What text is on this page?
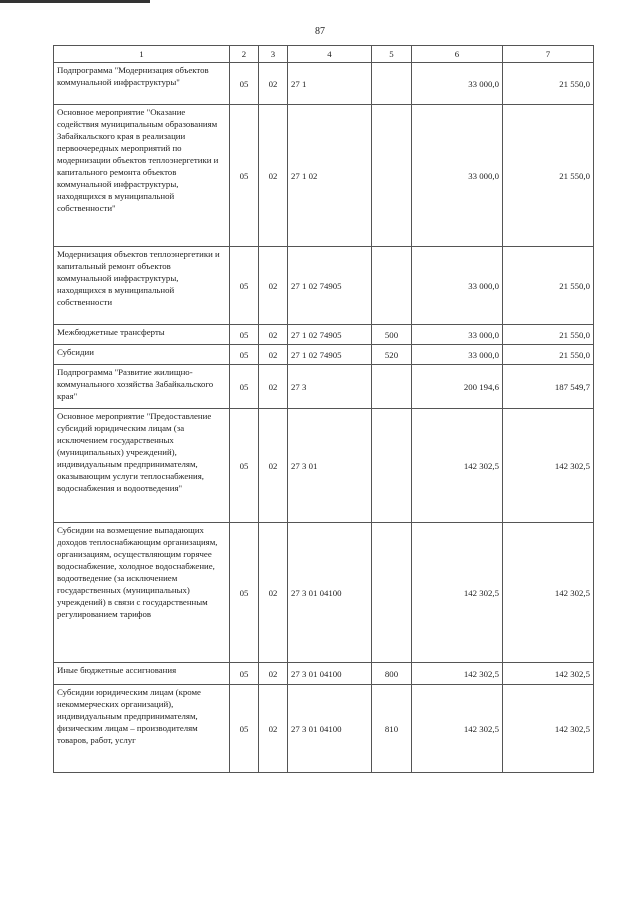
87
1	2	3	4	5	6	7
Подпрограмма "Модернизация объектов коммунальной инфраструктуры"	05	02	27 1		33 000,0	21 550,0
Основное мероприятие "Оказание содействия муниципальным образованиям Забайкальского края в реализации первоочередных мероприятий по модернизации объектов теплоэнергетики и капитального ремонта объектов коммунальной инфраструктуры, находящихся в муниципальной собственности"	05	02	27 1 02		33 000,0	21 550,0
Модернизация объектов теплоэнергетики и капитальный ремонт объектов коммунальной инфраструктуры, находящихся в муниципальной собственности	05	02	27 1 02 74905		33 000,0	21 550,0
Межбюджетные трансферты	05	02	27 1 02 74905	500	33 000,0	21 550,0
Субсидии	05	02	27 1 02 74905	520	33 000,0	21 550,0
Подпрограмма "Развитие жилищно-коммунального хозяйства Забайкальского края"	05	02	27 3		200 194,6	187 549,7
Основное мероприятие "Предоставление субсидий юридическим лицам (за исключением государственных (муниципальных) учреждений), индивидуальным предпринимателям, оказывающим услуги теплоснабжения, водоснабжения и водоотведения"	05	02	27 3 01		142 302,5	142 302,5
Субсидии на возмещение выпадающих доходов теплоснабжающим организациям, организациям, осуществляющим горячее водоснабжение, холодное водоснабжение, водоотведение (за исключением государственных (муниципальных) учреждений) в связи с государственным регулированием тарифов	05	02	27 3 01 04100		142 302,5	142 302,5
Иные бюджетные ассигнования	05	02	27 3 01 04100	800	142 302,5	142 302,5
Субсидии юридическим лицам (кроме некоммерческих организаций), индивидуальным предпринимателям, физическим лицам – производителям товаров, работ, услуг	05	02	27 3 01 04100	810	142 302,5	142 302,5
